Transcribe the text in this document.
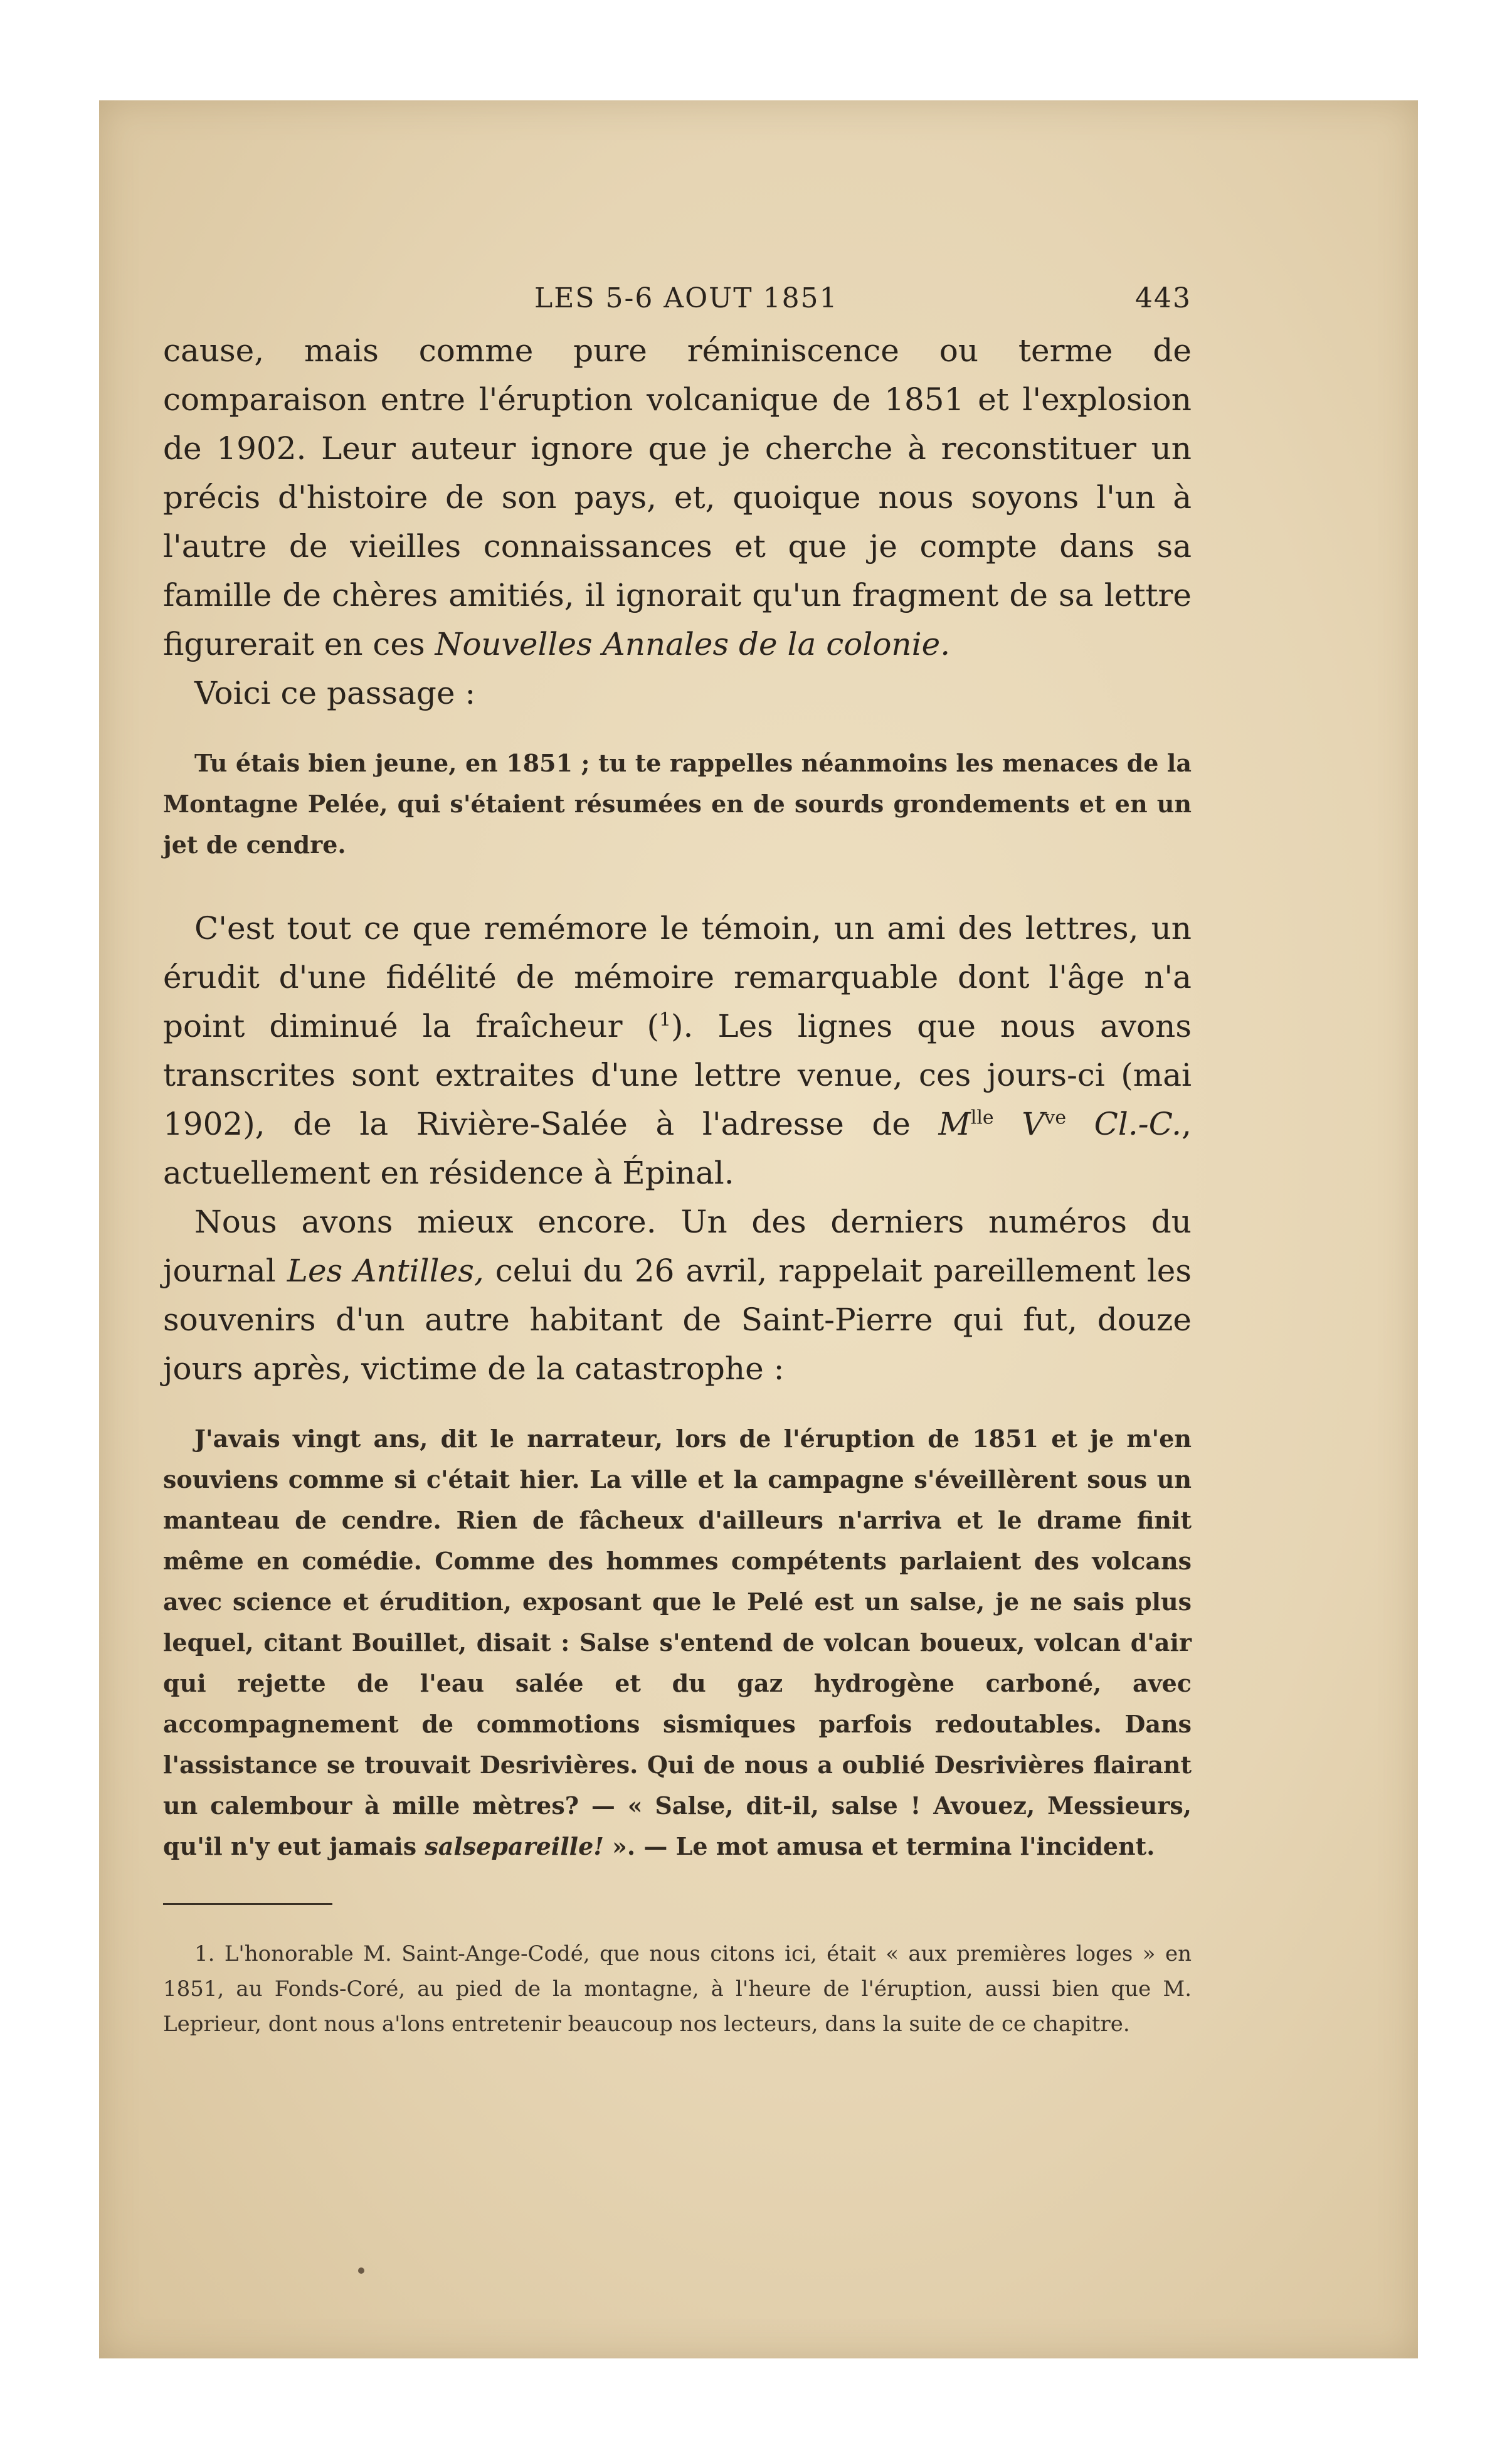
LES 5-6 AOUT 1851	443

cause, mais comme pure réminiscence ou terme de comparaison entre l'éruption volcanique de 1851 et l'explosion de 1902. Leur auteur ignore que je cherche à reconstituer un précis d'histoire de son pays, et, quoique nous soyons l'un à l'autre de vieilles connaissances et que je compte dans sa famille de chères amitiés, il ignorait qu'un fragment de sa lettre figurerait en ces Nouvelles Annales de la colonie.

Voici ce passage :

Tu étais bien jeune, en 1851 ; tu te rappelles néanmoins les menaces de la Montagne Pelée, qui s'étaient résumées en de sourds grondements et en un jet de cendre.

C'est tout ce que remémore le témoin, un ami des lettres, un érudit d'une fidélité de mémoire remarquable dont l'âge n'a point diminué la fraîcheur ($^1$). Les lignes que nous avons transcrites sont extraites d'une lettre venue, ces jours-ci (mai 1902), de la Rivière-Salée à l'adresse de $M^{lle}$ $V^{ve}$ Cl.-C., actuellement en résidence à Épinal.

Nous avons mieux encore. Un des derniers numéros du journal Les Antilles, celui du 26 avril, rappelait pareillement les souvenirs d'un autre habitant de Saint-Pierre qui fut, douze jours après, victime de la catastrophe :

J'avais vingt ans, dit le narrateur, lors de l'éruption de 1851 et je m'en souviens comme si c'était hier. La ville et la campagne s'éveillèrent sous un manteau de cendre. Rien de fâcheux d'ailleurs n'arriva et le drame finit même en comédie. Comme des hommes compétents parlaient des volcans avec science et érudition, exposant que le Pelé est un salse, je ne sais plus lequel, citant Bouillet, disait : Salse s'entend de volcan boueux, volcan d'air qui rejette de l'eau salée et du gaz hydrogène carboné, avec accompagnement de commotions sismiques parfois redoutables. Dans l'assistance se trouvait Desrivières. Qui de nous a oublié Desrivières flairant un calembour à mille mètres? — « Salse, dit-il, salse ! Avouez, Messieurs, qu'il n'y eut jamais salsepareille! ». — Le mot amusa et termina l'incident.

1. L'honorable M. Saint-Ange-Codé, que nous citons ici, était « aux premières loges » en 1851, au Fonds-Coré, au pied de la montagne, à l'heure de l'éruption, aussi bien que M. Leprieur, dont nous a'lons entretenir beaucoup nos lecteurs, dans la suite de ce chapitre.
